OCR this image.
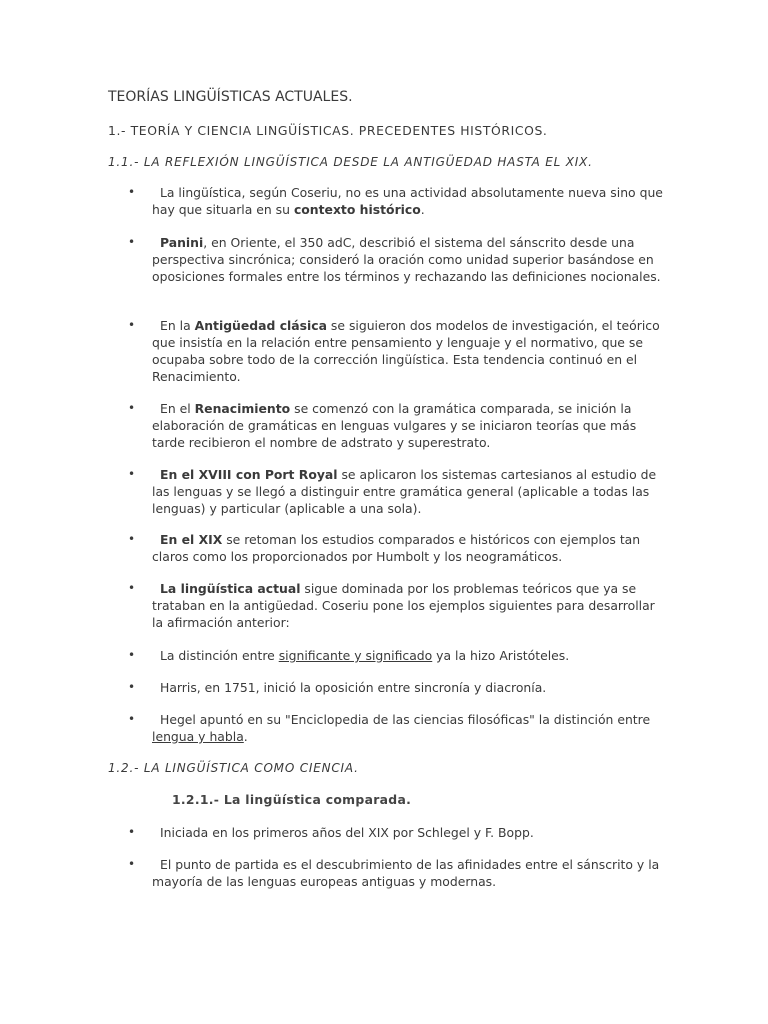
TEORÍAS LINGÜÍSTICAS ACTUALES.
1.- TEORÍA Y CIENCIA LINGÜÍSTICAS. PRECEDENTES HISTÓRICOS.
1.1.- LA REFLEXIÓN LINGÜÍSTICA DESDE LA ANTIGÜEDAD HASTA EL XIX.
•	La lingüística, según Coseriu, no es una actividad absolutamente nueva sino que hay que situarla en su contexto histórico.
•	Panini, en Oriente, el 350 adC, describió el sistema del sánscrito desde una perspectiva sincrónica; consideró la oración como unidad superior basándose en oposiciones formales entre los términos y rechazando las definiciones nocionales.
•	En la Antigüedad clásica se siguieron dos modelos de investigación, el teórico que insistía en la relación entre pensamiento y lenguaje y el normativo, que se ocupaba sobre todo de la corrección lingüística. Esta tendencia continuó en el Renacimiento.
•	En el Renacimiento se comenzó con la gramática comparada, se inición la elaboración de gramáticas en lenguas vulgares y se iniciaron teorías que más tarde recibieron el nombre de adstrato y superestrato.
•	En el XVIII con Port Royal se aplicaron los sistemas cartesianos al estudio de las lenguas y se llegó a distinguir entre gramática general (aplicable a todas las lenguas) y particular (aplicable a una sola).
•	En el XIX se retoman los estudios comparados e históricos con ejemplos tan claros como los proporcionados por Humbolt y los neogramáticos.
•	La lingüística actual sigue dominada por los problemas teóricos que ya se trataban en la antigüedad. Coseriu pone los ejemplos siguientes para desarrollar la afirmación anterior:
•	La distinción entre significante y significado ya la hizo Aristóteles.
•	Harris, en 1751, inició la oposición entre sincronía y diacronía.
•	Hegel apuntó en su "Enciclopedia de las ciencias filosóficas" la distinción entre lengua y habla.
1.2.- LA LINGÜÍSTICA COMO CIENCIA.
1.2.1.- La lingüística comparada.
•	Iniciada en los primeros años del XIX por Schlegel y F. Bopp.
•	El punto de partida es el descubrimiento de las afinidades entre el sánscrito y la mayoría de las lenguas europeas antiguas y modernas.
